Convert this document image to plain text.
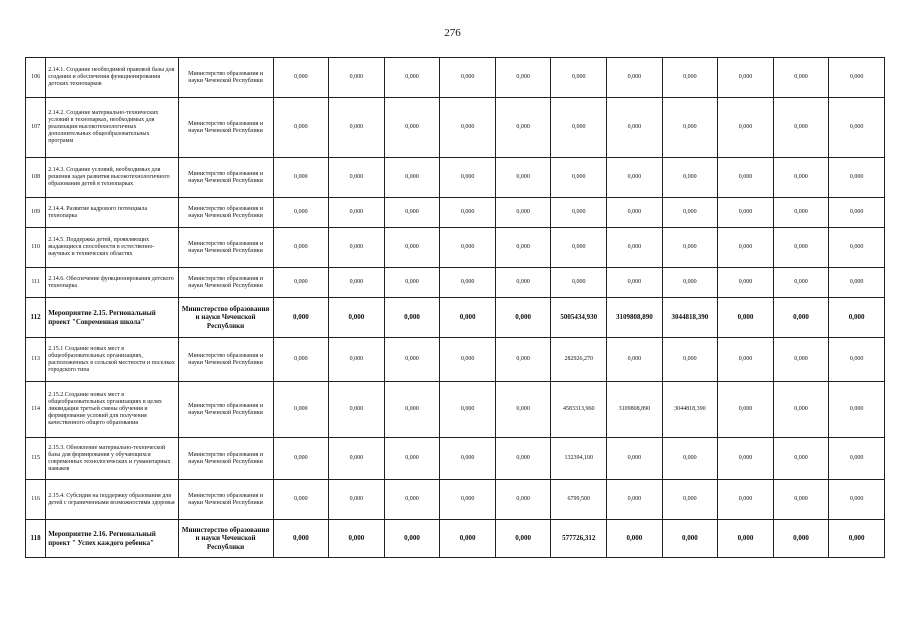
276
106	2.14.1. Создание необходимой правовой базы для создания и обеспечения функционирования детских технопарков	Министерство образования и науки Чеченской Республики	0,000	0,000	0,000	0,000	0,000	0,000	0,000	0,000	0,000	0,000	0,000
107	2.14.2. Создание материально-технических условий в технопарках, необходимых для реализации высокотехнологичных дополнительных общеобразовательных программ	Министерство образования и науки Чеченской Республики	0,000	0,000	0,000	0,000	0,000	0,000	0,000	0,000	0,000	0,000	0,000
108	2.14.3. Создание условий, необходимых для решения задач развития высокотехнологичного образования детей в технопарках	Министерство образования и науки Чеченской Республики	0,000	0,000	0,000	0,000	0,000	0,000	0,000	0,000	0,000	0,000	0,000
109	2.14.4. Развитие кадрового потенциала технопарка	Министерство образования и науки Чеченской Республики	0,000	0,000	0,000	0,000	0,000	0,000	0,000	0,000	0,000	0,000	0,000
110	2.14.5. Поддержка детей, проявляющих выдающиеся способности в естественно-научных и технических областях	Министерство образования и науки Чеченской Республики	0,000	0,000	0,000	0,000	0,000	0,000	0,000	0,000	0,000	0,000	0,000
111	2.14.6. Обеспечение функционирования детского технопарка	Министерство образования и науки Чеченской Республики	0,000	0,000	0,000	0,000	0,000	0,000	0,000	0,000	0,000	0,000	0,000
112	Мероприятие 2.15. Региональный проект "Современная школа"	Министерство образования и науки Чеченской Республики	0,000	0,000	0,000	0,000	0,000	5005434,930	3109808,890	3044818,390	0,000	0,000	0,000
113	2.15.1 Создание новых мест в общеобразовательных организациях, расположенных в сельской местности и поселках городского типа	Министерство образования и науки Чеченской Республики	0,000	0,000	0,000	0,000	0,000	282926,270	0,000	0,000	0,000	0,000	0,000
114	2.15.2.Создание новых мест в общеобразовательных организациях в целях ликвидации третьей смены обучения и формирование условий для получения качественного общего образования	Министерство образования и науки Чеченской Республики	0,000	0,000	0,000	0,000	0,000	4583313,960	3109808,890	3044818,390	0,000	0,000	0,000
115	2.15.3. Обновление материально-технической базы для формирования у обучающихся современных технологических и гуманитарных навыков	Министерство образования и науки Чеченской Республики	0,000	0,000	0,000	0,000	0,000	132394,100	0,000	0,000	0,000	0,000	0,000
116	2.15.4. Субсидия на поддержку образования для детей с ограниченными возможностями здоровья	Министерство образования и науки Чеченской Республики	0,000	0,000	0,000	0,000	0,000	6799,500	0,000	0,000	0,000	0,000	0,000
118	Мероприятие 2.16. Региональный проект " Успех каждого ребенка"	Министерство образования и науки Чеченской Республики	0,000	0,000	0,000	0,000	0,000	577726,312	0,000	0,000	0,000	0,000	0,000
